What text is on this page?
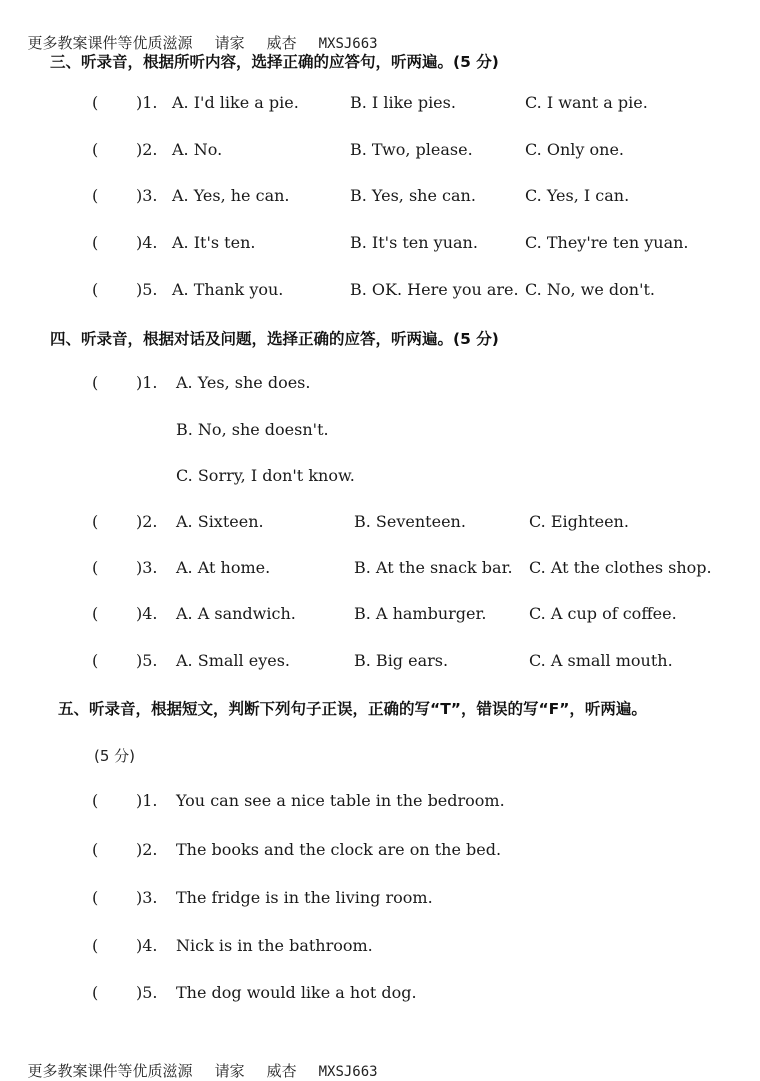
更多教案课件等优质滋源 请家 威杏 MXSJ663

三、听录音，根据所听内容，选择正确的应答句，听两遍。(5 分)
( )1. A. I'd like a pie.	B. I like pies.	C. I want a pie.
( )2. A. No.	B. Two, please.	C. Only one.
( )3. A. Yes, he can.	B. Yes, she can.	C. Yes, I can.
( )4. A. It's ten.	B. It's ten yuan.	C. They're ten yuan.
( )5. A. Thank you.	B. OK. Here you are. C. No, we don't.
四、听录音，根据对话及问题，选择正确的应答，听两遍。(5 分)
( )1. A. Yes, she does.
B. No, she doesn't.
C. Sorry, I don't know.
( )2. A. Sixteen.	B. Seventeen.	C. Eighteen.
( )3. A. At home.	B. At the snack bar. C. At the clothes shop.
( )4. A. A sandwich.	B. A hamburger.	C. A cup of coffee.
( )5. A. Small eyes.	B. Big ears.	C. A small mouth.
五、听录音，根据短文，判断下列句子正误，正确的写“T”，错误的写“F”，听两遍。
(5 分)
( )1. You can see a nice table in the bedroom.
( )2. The books and the clock are on the bed.
( )3. The fridge is in the living room.
( )4. Nick is in the bathroom.
( )5. The dog would like a hot dog.

更多教案课件等优质滋源 请家 威杏 MXSJ663
